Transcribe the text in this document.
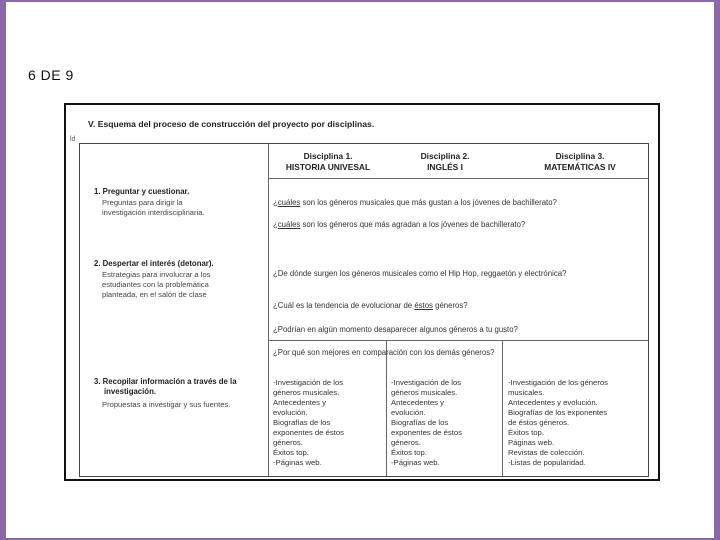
6 DE 9
V. Esquema del proceso de construcción del proyecto por disciplinas.
ld
Disciplina 1.
HISTORIA UNIVESAL
Disciplina 2.
INGLÉS I
Disciplina 3.
MATEMÁTICAS IV
1. Preguntar y cuestionar.
Preguntas para dirigir la
investigación interdisciplinaria.
¿cuáles son los géneros musicales que más gustan a los jóvenes de bachillerato?
¿cuáles son los géneros que más agradan a los jóvenes de bachillerato?
2. Despertar el interés (detonar).
Estrategias para involucrar a los
estudiantes con la problemática
planteada, en el salón de clase
¿De dónde surgen los géneros musicales como el Hip Hop, reggaetón y electrónica?
¿Cuál es la tendencia de evolucionar de éstos géneros?
¿Podrían en algún momento desaparecer algunos géneros a tu gusto?
¿Por qué son mejores en comparación con los demás géneros?
3. Recopilar información a través de la
investigación.
Propuestas a investigar y sus fuentes.
-Investigación de los
géneros musicales.
Antecedentes y
evolución.
Biografías de los
exponentes de éstos
géneros.
Éxitos top.
-Páginas web.
-Investigación de los
géneros musicales.
Antecedentes y
evolución.
Biografías de los
exponentes de éstos
géneros.
Éxitos top.
-Páginas web.
-Investigación de los géneros
musicales.
Antecedentes y evolución.
Biografías de los exponentes
de éstos géneros.
Éxitos top.
Páginas web.
Revistas de colección.
-Listas de popularidad.
